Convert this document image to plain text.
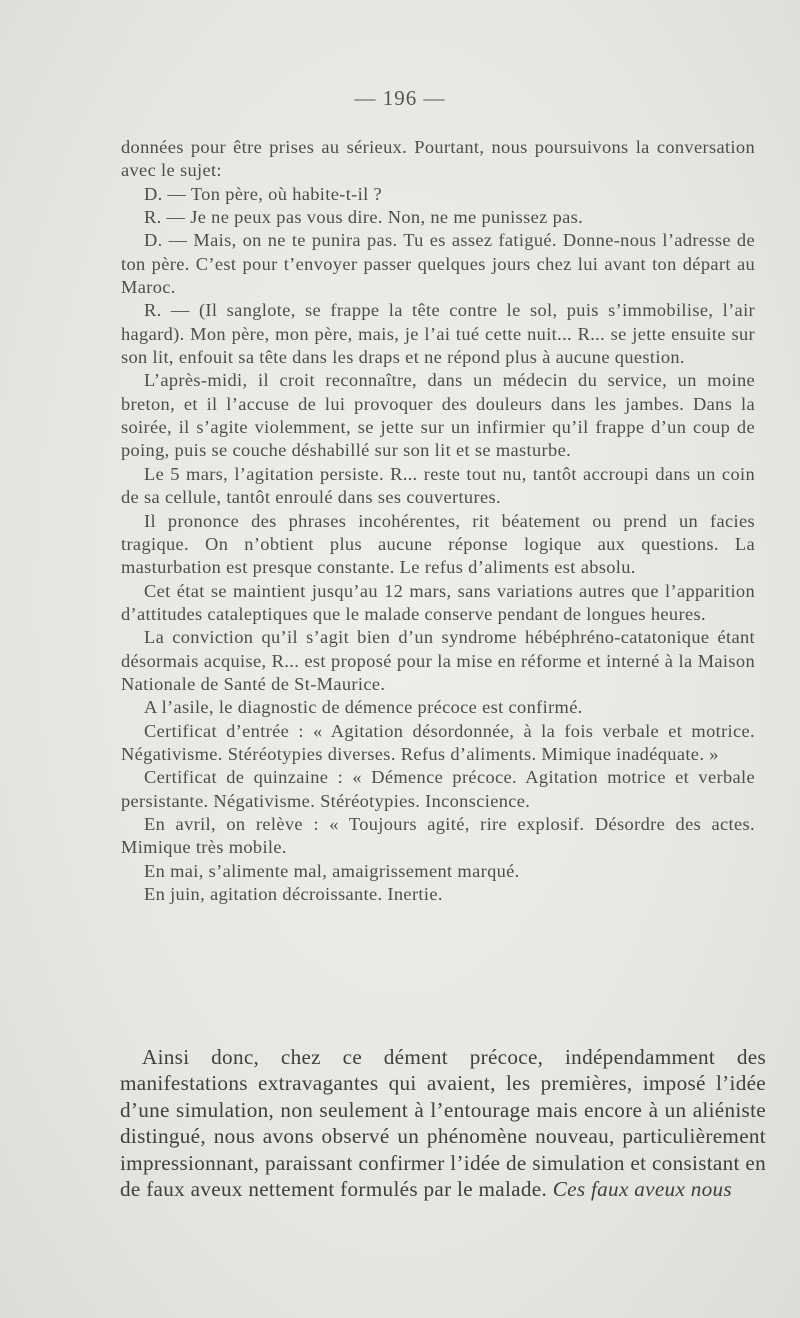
— 196 —

données pour être prises au sérieux. Pourtant, nous poursuivons la conversation avec le sujet:

D. — Ton père, où habite-t-il ?

R. — Je ne peux pas vous dire. Non, ne me punissez pas.

D. — Mais, on ne te punira pas. Tu es assez fatigué. Donne-nous l’adresse de ton père. C’est pour t’envoyer passer quelques jours chez lui avant ton départ au Maroc.

R. — (Il sanglote, se frappe la tête contre le sol, puis s’immobilise, l’air hagard). Mon père, mon père, mais, je l’ai tué cette nuit... R... se jette ensuite sur son lit, enfouit sa tête dans les draps et ne répond plus à aucune question.

L’après-midi, il croit reconnaître, dans un médecin du service, un moine breton, et il l’accuse de lui provoquer des douleurs dans les jambes. Dans la soirée, il s’agite violemment, se jette sur un infirmier qu’il frappe d’un coup de poing, puis se couche déshabillé sur son lit et se masturbe.

Le 5 mars, l’agitation persiste. R... reste tout nu, tantôt accroupi dans un coin de sa cellule, tantôt enroulé dans ses couvertures.

Il prononce des phrases incohérentes, rit béatement ou prend un facies tragique. On n’obtient plus aucune réponse logique aux questions. La masturbation est presque constante. Le refus d’aliments est absolu.

Cet état se maintient jusqu’au 12 mars, sans variations autres que l’apparition d’attitudes cataleptiques que le malade conserve pendant de longues heures.

La conviction qu’il s’agit bien d’un syndrome hébéphréno-catatonique étant désormais acquise, R... est proposé pour la mise en réforme et interné à la Maison Nationale de Santé de St-Maurice.

A l’asile, le diagnostic de démence précoce est confirmé.

Certificat d’entrée : « Agitation désordonnée, à la fois verbale et motrice. Négativisme. Stéréotypies diverses. Refus d’aliments. Mimique inadéquate. »

Certificat de quinzaine : « Démence précoce. Agitation motrice et verbale persistante. Négativisme. Stéréotypies. Inconscience.

En avril, on relève : « Toujours agité, rire explosif. Désordre des actes. Mimique très mobile.

En mai, s’alimente mal, amaigrissement marqué.

En juin, agitation décroissante. Inertie.

Ainsi donc, chez ce dément précoce, indépendamment des manifestations extravagantes qui avaient, les premières, imposé l’idée d’une simulation, non seulement à l’entourage mais encore à un aliéniste distingué, nous avons observé un phénomène nouveau, particulièrement impressionnant, paraissant confirmer l’idée de simulation et consistant en de faux aveux nettement formulés par le malade. Ces faux aveux nous
